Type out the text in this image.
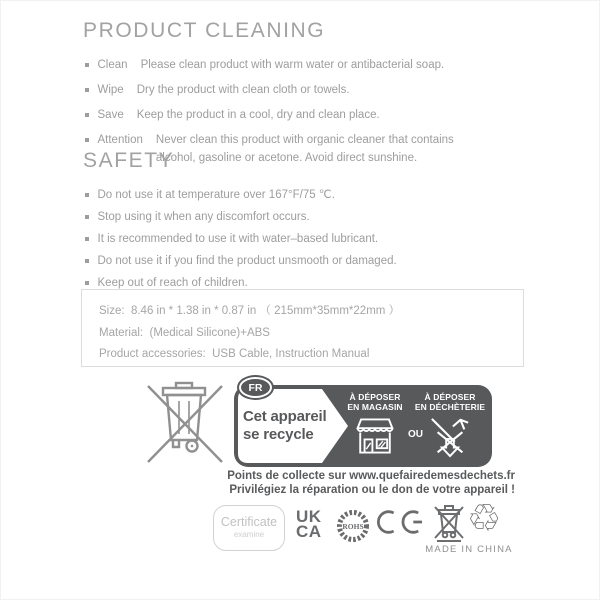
PRODUCT CLEANING
Clean Please clean product with warm water or antibacterial soap.
Wipe Dry the product with clean cloth or towels.
Save Keep the product in a cool, dry and clean place.
Attention Never clean this product with organic cleaner that contains
alcohol, gasoline or acetone. Avoid direct sunshine.
SAFETY
Do not use it at temperature over 167°F/75 ℃.
Stop using it when any discomfort occurs.
It is recommended to use it with water–based lubricant.
Do not use it if you find the product unsmooth or damaged.
Keep out of reach of children.
Size:  8.46 in * 1.38 in * 0.87 in （ 215mm*35mm*22mm ）
Material:  (Medical Silicone)+ABS
Product accessories:  USB Cable, Instruction Manual
FR
Cet appareil
se recycle
À DÉPOSER
EN MAGASIN
OU
À DÉPOSER
EN DÉCHÈTERIE
Points de collecte sur www.quefairedemesdechets.fr
Privilégiez la réparation ou le don de votre appareil !
Certificate
examine
UK
CA	ROHS	♲
MADE IN CHINA
